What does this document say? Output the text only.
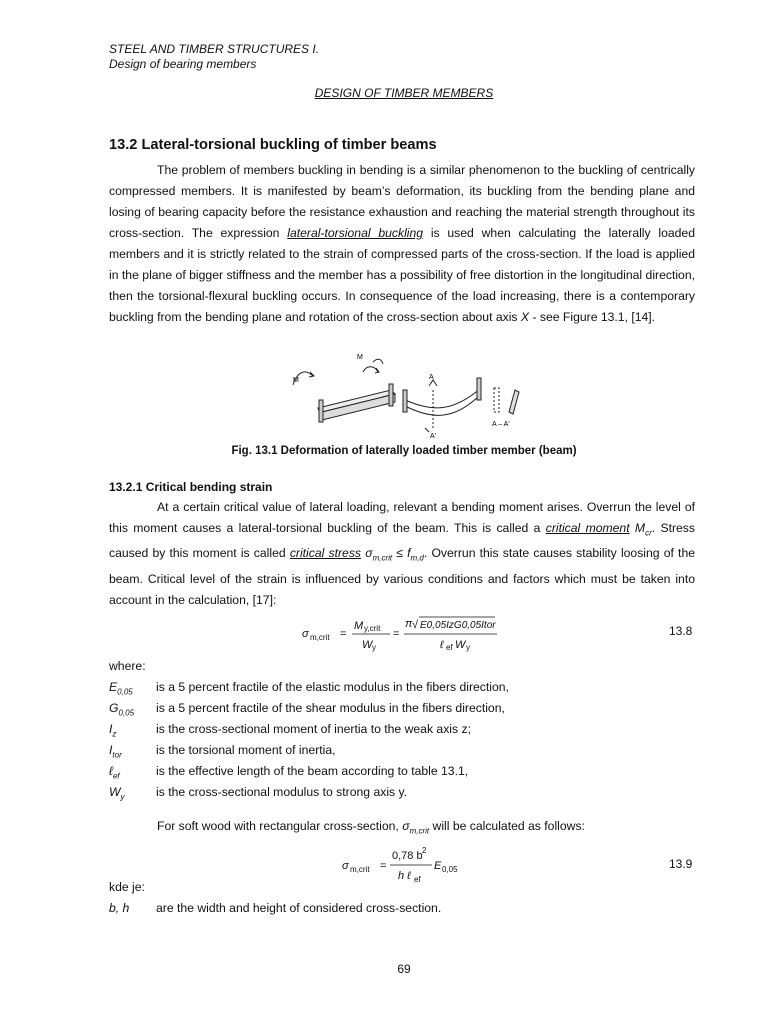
STEEL AND TIMBER STRUCTURES I.
Design of bearing members
DESIGN OF TIMBER MEMBERS
13.2 Lateral-torsional buckling of timber beams

The problem of members buckling in bending is a similar phenomenon to the buckling of centrically compressed members. It is manifested by beam’s deformation, its buckling from the bending plane and losing of bearing capacity before the resistance exhaustion and reaching the material strength throughout its cross-section. The expression lateral-torsional buckling is used when calculating the laterally loaded members and it is strictly related to the strain of compressed parts of the cross-section. If the load is applied in the plane of bigger stiffness and the member has a possibility of free distortion in the longitudinal direction, then the torsional-flexural buckling occurs. In consequence of the load increasing, there is a contemporary buckling from the bending plane and rotation of the cross-section about axis X - see Figure 13.1, [14].

M
M
A
A'
A – A'
Fig. 13.1 Deformation of laterally loaded timber member (beam)
13.2.1 Critical bending strain

At a certain critical value of lateral loading, relevant a bending moment arises. Overrun the level of this moment causes a lateral-torsional buckling of the beam. This is called a critical moment $M_{cr}$. Stress caused by this moment is called critical stress $\sigma_{m,crit} \le f_{m,d}$. Overrun this state causes stability loosing of the beam. Critical level of the strain is influenced by various conditions and factors which must be taken into account in the calculation, [17]:

σ m,crit =
M y,crit
W y
=
π √ E0,05IzG0,05Itor
ℓ ef W y
13.8
where:
$E_{0,05}$	is a 5 percent fractile of the elastic modulus in the fibers direction,
$G_{0,05}$	is a 5 percent fractile of the shear modulus in the fibers direction,
$I_z$	is the cross-sectional moment of inertia to the weak axis z;
$I_{tor}$	is the torsional moment of inertia,
ℓ$_{ef}$	is the effective length of the beam according to table 13.1,
$W_y$	is the cross-sectional modulus to strong axis y.
For soft wood with rectangular cross-section, $\sigma_{m,crit}$ will be calculated as follows:
σ m,crit =
0,78 b 2
h ℓ ef
E 0,05	13.9
kde je:
b, h	are the width and height of considered cross-section.
69
